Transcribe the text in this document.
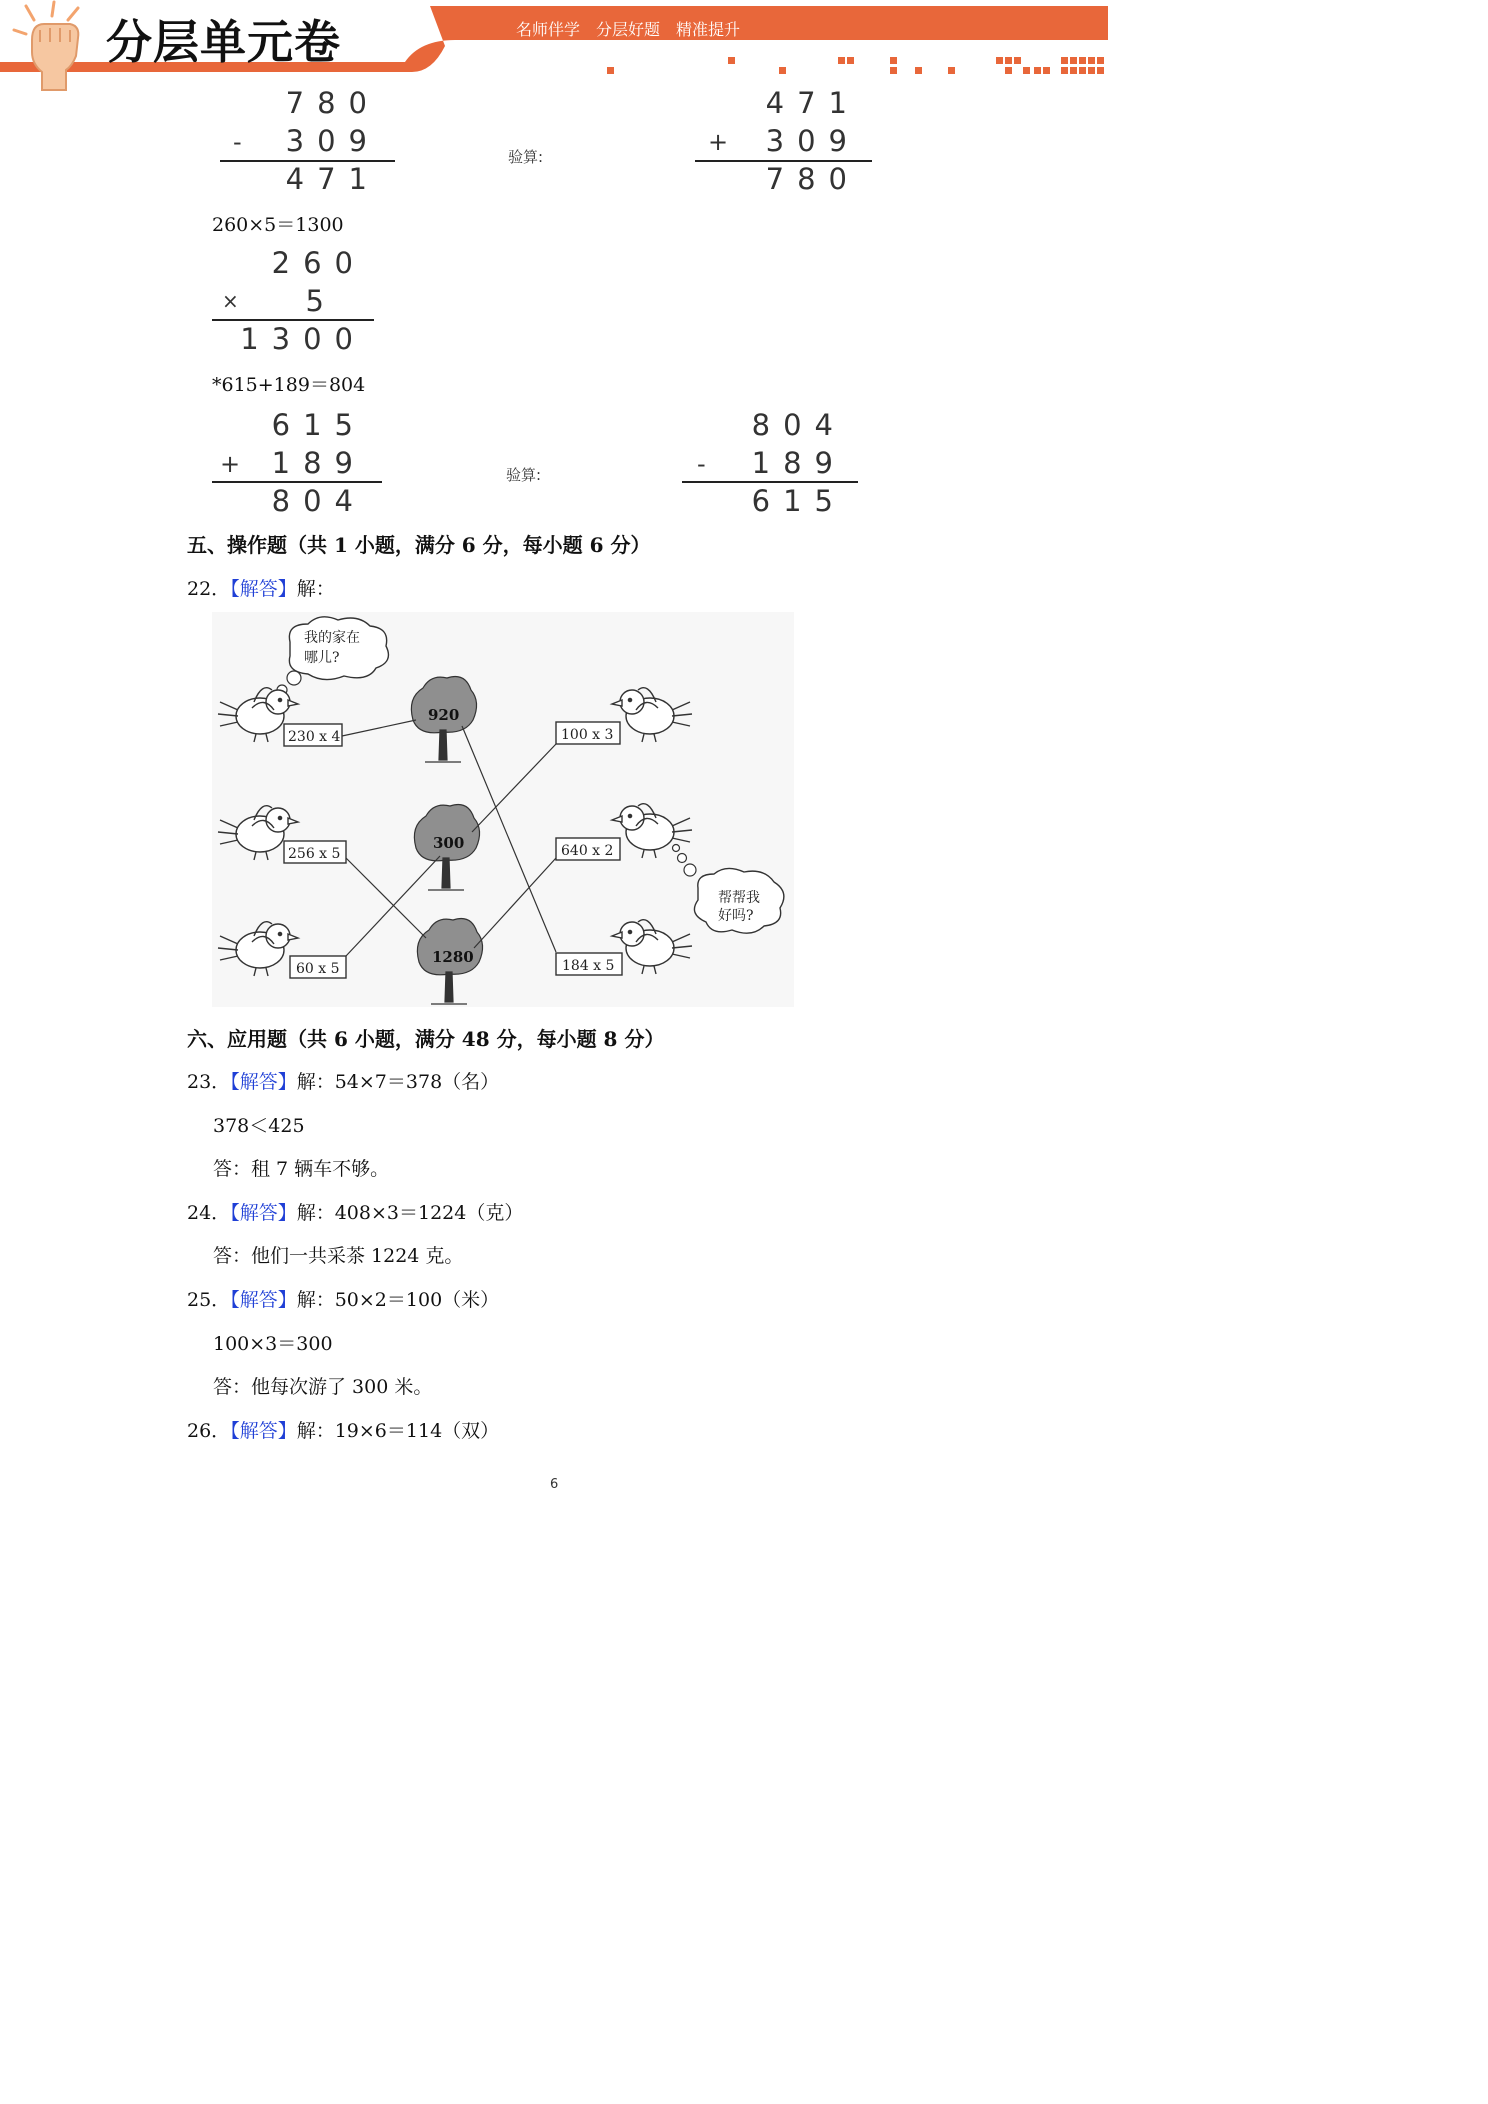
分层单元卷	名师伴学　分层好题　精准提升
780
-	309
471
验算:
471
+	309
780
260×5＝1300
260
×	5
1300
*615+189＝804
615
+	189
804
验算:
804
-	189
615
五、操作题（共 1 小题，满分 6 分，每小题 6 分）
22．【解答】解：
我的家在
哪儿?
帮帮我
好吗?
920
300
1280
230 x 4
256 x 5
60 x 5
100 x 3
640 x 2
184 x 5
六、应用题（共 6 小题，满分 48 分，每小题 8 分）
23．【解答】解：54×7＝378（名）
378＜425
答：租 7 辆车不够。
24．【解答】解：408×3＝1224（克）
答：他们一共采茶 1224 克。
25．【解答】解：50×2＝100（米）
100×3＝300
答：他每次游了 300 米。
26．【解答】解：19×6＝114（双）
6
